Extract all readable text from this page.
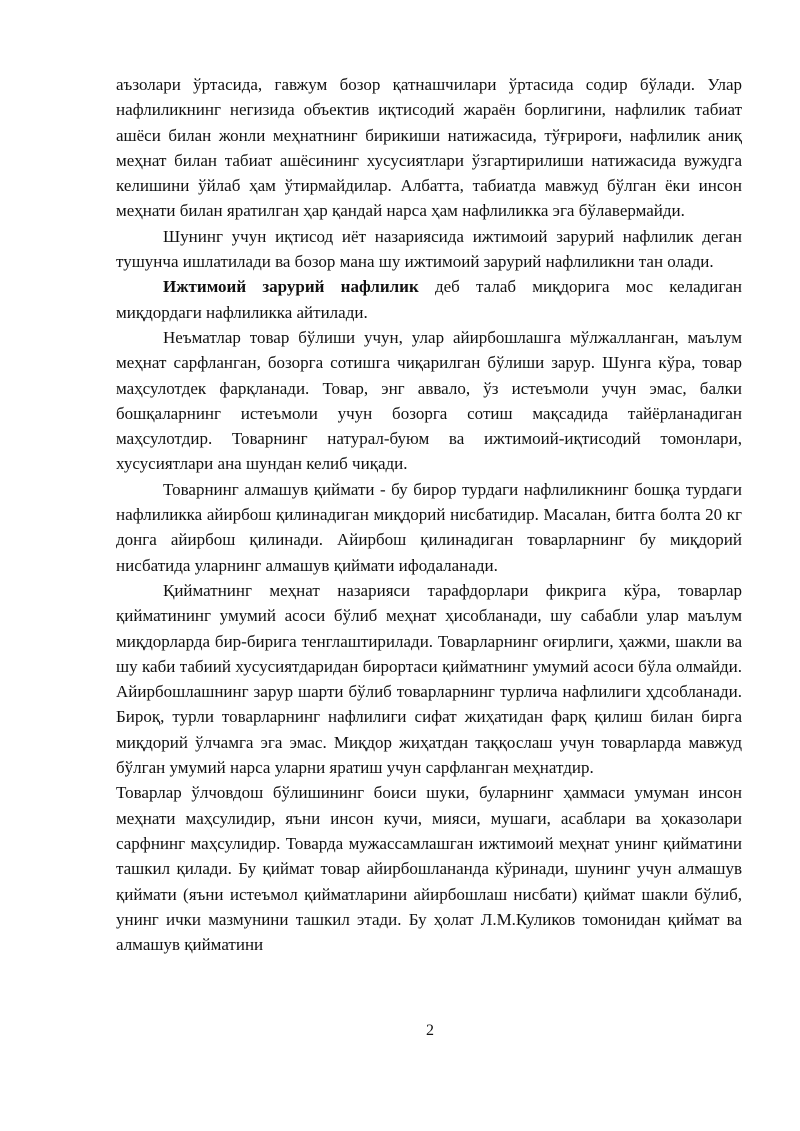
аъзолари ўртасида, гавжум бозор қатнашчилари ўртасида содир бўлади. Улар нафлиликнинг негизида объектив иқтисодий жараён борлигини, нафлилик табиат ашёси билан жонли меҳнатнинг бирикиши натижасида, тўғрироғи, нафлилик аниқ меҳнат билан табиат ашёсининг хусусиятлари ўзгартирилиши натижасида вужудга келишини ўйлаб ҳам ўтирмайдилар. Албатта, табиатда мавжуд бўлган ёки инсон меҳнати билан яратилган ҳар қандай нарса ҳам нафлиликка эга бўлавермайди.

Шунинг учун иқтисод иёт назариясида ижтимоий зарурий нафлилик деган тушунча ишлатилади ва бозор мана шу ижтимоий зарурий нафлиликни тан олади.

Ижтимоий зарурий нафлилик деб талаб миқдорига мос келадиган миқдордаги нафлиликка айтилади.

Неъматлар товар бўлиши учун, улар айирбошлашга мўлжалланган, маълум меҳнат сарфланган, бозорга сотишга чиқарилган бўлиши зарур. Шунга кўра, товар маҳсулотдек фарқланади. Товар, энг аввало, ўз истеъмоли учун эмас, балки бошқаларнинг истеъмоли учун бозорга сотиш мақсадида тайёрланадиган маҳсулотдир. Товарнинг натурал-буюм ва ижтимоий-иқтисодий томонлари, хусусиятлари ана шундан келиб чиқади.

Товарнинг алмашув қиймати - бу бирор турдаги нафлиликнинг бошқа турдаги нафлиликка айирбош қилинадиган миқдорий нисбатидир. Масалан, битга болта 20 кг донга айирбош қилинади. Айирбош қилинадиган товарларнинг бу миқдорий нисбатида уларнинг алмашув қиймати ифодаланади.

Қийматнинг меҳнат назарияси тарафдорлари фикрига кўра, товарлар қийматининг умумий асоси бўлиб меҳнат ҳисобланади, шу сабабли улар маълум миқдорларда бир-бирига тенглаштирилади. Товарларнинг оғирлиги, ҳажми, шакли ва шу каби табиий хусусиятдаридан бирортаси қийматнинг умумий асоси бўла олмайди. Айирбошлашнинг зарур шарти бўлиб товарларнинг турлича нафлилиги ҳдсобланади. Бироқ, турли товарларнинг нафлилиги сифат жиҳатидан фарқ қилиш билан бирга миқдорий ўлчамга эга эмас. Миқдор жиҳатдан таққослаш учун товарларда мавжуд бўлган умумий нарса уларни яратиш учун сарфланган меҳнатдир.

Товарлар ўлчовдош бўлишининг боиси шуки, буларнинг ҳаммаси умуман инсон меҳнати маҳсулидир, яъни инсон кучи, мияси, мушаги, асаблари ва ҳоказолари сарфнинг маҳсулидир. Товарда мужассамлашган ижтимоий меҳнат унинг қийматини ташкил қилади. Бу қиймат товар айирбошлананда кўринади, шунинг учун алмашув қиймати (яъни истеъмол қийматларини айирбошлаш нисбати) қиймат шакли бўлиб, унинг ички мазмунини ташкил этади. Бу ҳолат Л.М.Куликов томонидан қиймат ва алмашув қийматини

2
